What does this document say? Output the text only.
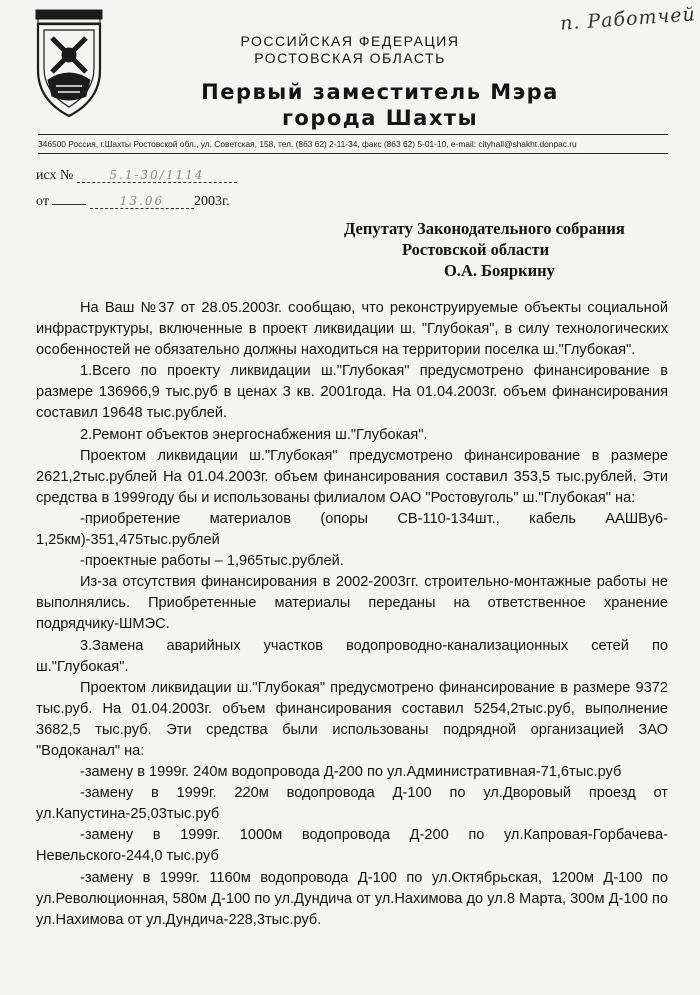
п. Работчей
РОССИЙСКАЯ ФЕДЕРАЦИЯ
РОСТОВСКАЯ ОБЛАСТЬ
Первый заместитель Мэра
города Шахты
346500 Россия, г.Шахты Ростовской обл., ул. Советская, 158, тел. (863 62) 2-11-34, факс (863 62) 5-01-10, e-mail: cityhall@shakht.donpac.ru
исх №	5.1-30/1114
от	13.06 2003г.
Депутату Законодательного собрания
Ростовской области
О.А. Бояркину

На Ваш №37 от 28.05.2003г. сообщаю, что реконструируемые объекты социальной инфраструктуры, включенные в проект ликвидации ш. "Глубокая", в силу технологических особенностей не обязательно должны находиться на территории поселка ш."Глубокая".

1.Всего по проекту ликвидации ш."Глубокая" предусмотрено финансирование в размере 136966,9 тыс.руб в ценах 3 кв. 2001года. На 01.04.2003г. объем финансирования составил 19648 тыс.рублей.

2.Ремонт объектов энергоснабжения ш."Глубокая".

Проектом ликвидации ш."Глубокая" предусмотрено финансирование в размере 2621,2тыс.рублей На 01.04.2003г. объем финансирования составил 353,5 тыс.рублей. Эти средства в 1999году бы и использованы филиалом ОАО "Ростовуголь" ш."Глубокая" на:

-приобретение материалов (опоры СВ-110-134шт., кабель ААШВу6-1,25км)-351,475тыс.рублей

-проектные работы – 1,965тыс.рублей.

Из-за отсутствия финансирования в 2002-2003гг. строительно-монтажные работы не выполнялись. Приобретенные материалы переданы на ответственное хранение подрядчику-ШМЭС.

3.Замена аварийных участков водопроводно-канализационных сетей по ш."Глубокая".

Проектом ликвидации ш."Глубокая" предусмотрено финансирование в размере 9372 тыс.руб. На 01.04.2003г. объем финансирования составил 5254,2тыс.руб, выполнение 3682,5 тыс.руб. Эти средства были использованы подрядной организацией ЗАО "Водоканал" на:

-замену в 1999г. 240м водопровода Д-200 по ул.Административная-71,6тыс.руб

-замену в 1999г. 220м водопровода Д-100 по ул.Дворовый проезд от ул.Капустина-25,03тыс.руб

-замену в 1999г. 1000м водопровода Д-200 по ул.Капровая-Горбачева-Невельского-244,0 тыс.руб

-замену в 1999г. 1160м водопровода Д-100 по ул.Октябрьская, 1200м Д-100 по ул.Революционная, 580м Д-100 по ул.Дундича от ул.Нахимова до ул.8 Марта, 300м Д-100 по ул.Нахимова от ул.Дундича-228,3тыс.руб.
